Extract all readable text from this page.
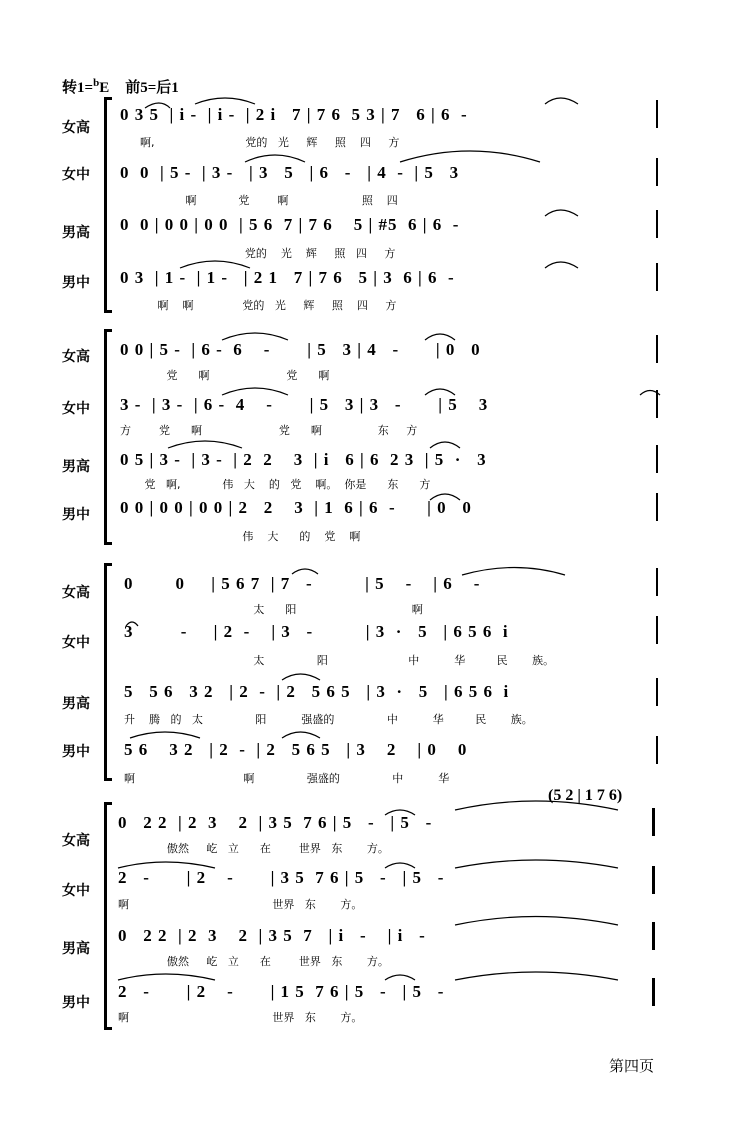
转1=$^b$E 前5=后1
女高
女中
男高
男中
0 3 5  | i -  | i -  | 2 i   7 | 7 6  5 3 | 7   6 | 6  -
啊,                          党的   光     辉     照    四     方
0  0  | 5 -  | 3 -   | 3   5   | 6   -   | 4  -  | 5   3
啊            党        啊                     照    四
0  0 | 0 0 | 0 0  | 5 6  7 | 7 6    5 | #5  6 | 6  -
党的    光    辉     照   四     方
0 3  | 1 -  | 1 -   | 2 1   7 | 7 6   5 | 3  6 | 6  -
啊    啊              党的   光     辉     照    四     方
女高
女中
男高
男中
0 0 | 5 -  | 6 -  6    -       | 5   3 | 4   -       | 0   0
党      啊                      党      啊
3 -  | 3 -  | 6 -  4    -       | 5   3 | 3   -       | 5    3
方        党      啊                      党      啊                东     方
0 5 | 3 -  | 3 -  | 2  2    3  | i   6 | 6  2 3  | 5  ·   3
党   啊,            伟   大    的   党    啊。  你是      东      方
0 0 | 0 0 | 0 0 | 2   2    3  | 1  6 | 6  -      | 0   0
伟    大      的    党    啊
女高
女中
男高
男中
0        0     | 5 6 7  | 7   -          | 5    -    | 6    -
太      阳                                 啊
3         -     | 2  -    | 3   -          | 3  ·   5   | 6 5 6  i
太               阳                       中          华         民       族。
5   5 6   3 2   | 2  -  | 2   5 6 5   | 3  ·   5   | 6 5 6  i
升    腾   的   太               阳          强盛的               中          华         民       族。
5 6    3 2   | 2  -  | 2   5 6 5   | 3    2    | 0    0
啊                               啊               强盛的               中          华
(5 2 | 1 7 6)
女高
女中
男高
男中
0   2 2  | 2  3    2  | 3 5  7 6 | 5   -   | 5   -
傲然     屹   立      在        世界   东       方。
2   -       | 2    -       | 3 5  7 6 | 5   -   | 5   -
啊                                         世界   东       方。
0   2 2  | 2  3    2  | 3 5  7   | i   -    | i   -
傲然     屹   立      在        世界   东       方。
2   -       | 2    -       | 1 5  7 6 | 5   -   | 5   -
啊                                         世界   东       方。
第四页
